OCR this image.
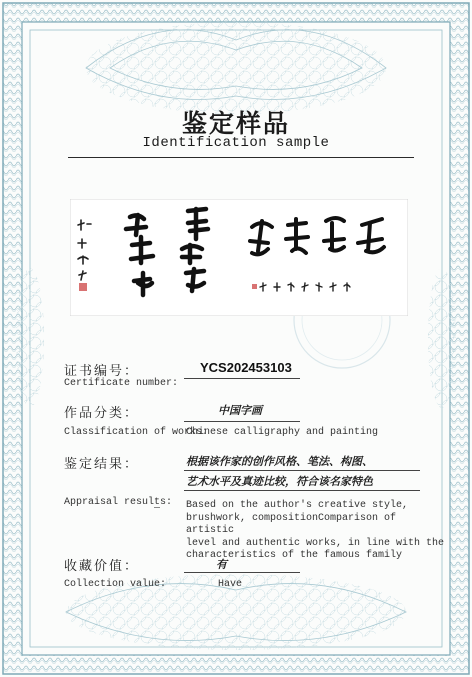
鉴定样品
Identification sample
证书编号：
Certificate number:
YCS202453103
作品分类：	中国字画
Classification of works:
Chinese calligraphy and painting
鉴定结果：	根据该作家的创作风格、笔法、构图、
艺术水平及真迹比较，符合该名家特色
Appraisal results: Based on the author's creative style,
brushwork, compositionComparison of artistic
level and authentic works, in line with the
characteristics of the famous family
收藏价值：	有
Collection value:	Have
